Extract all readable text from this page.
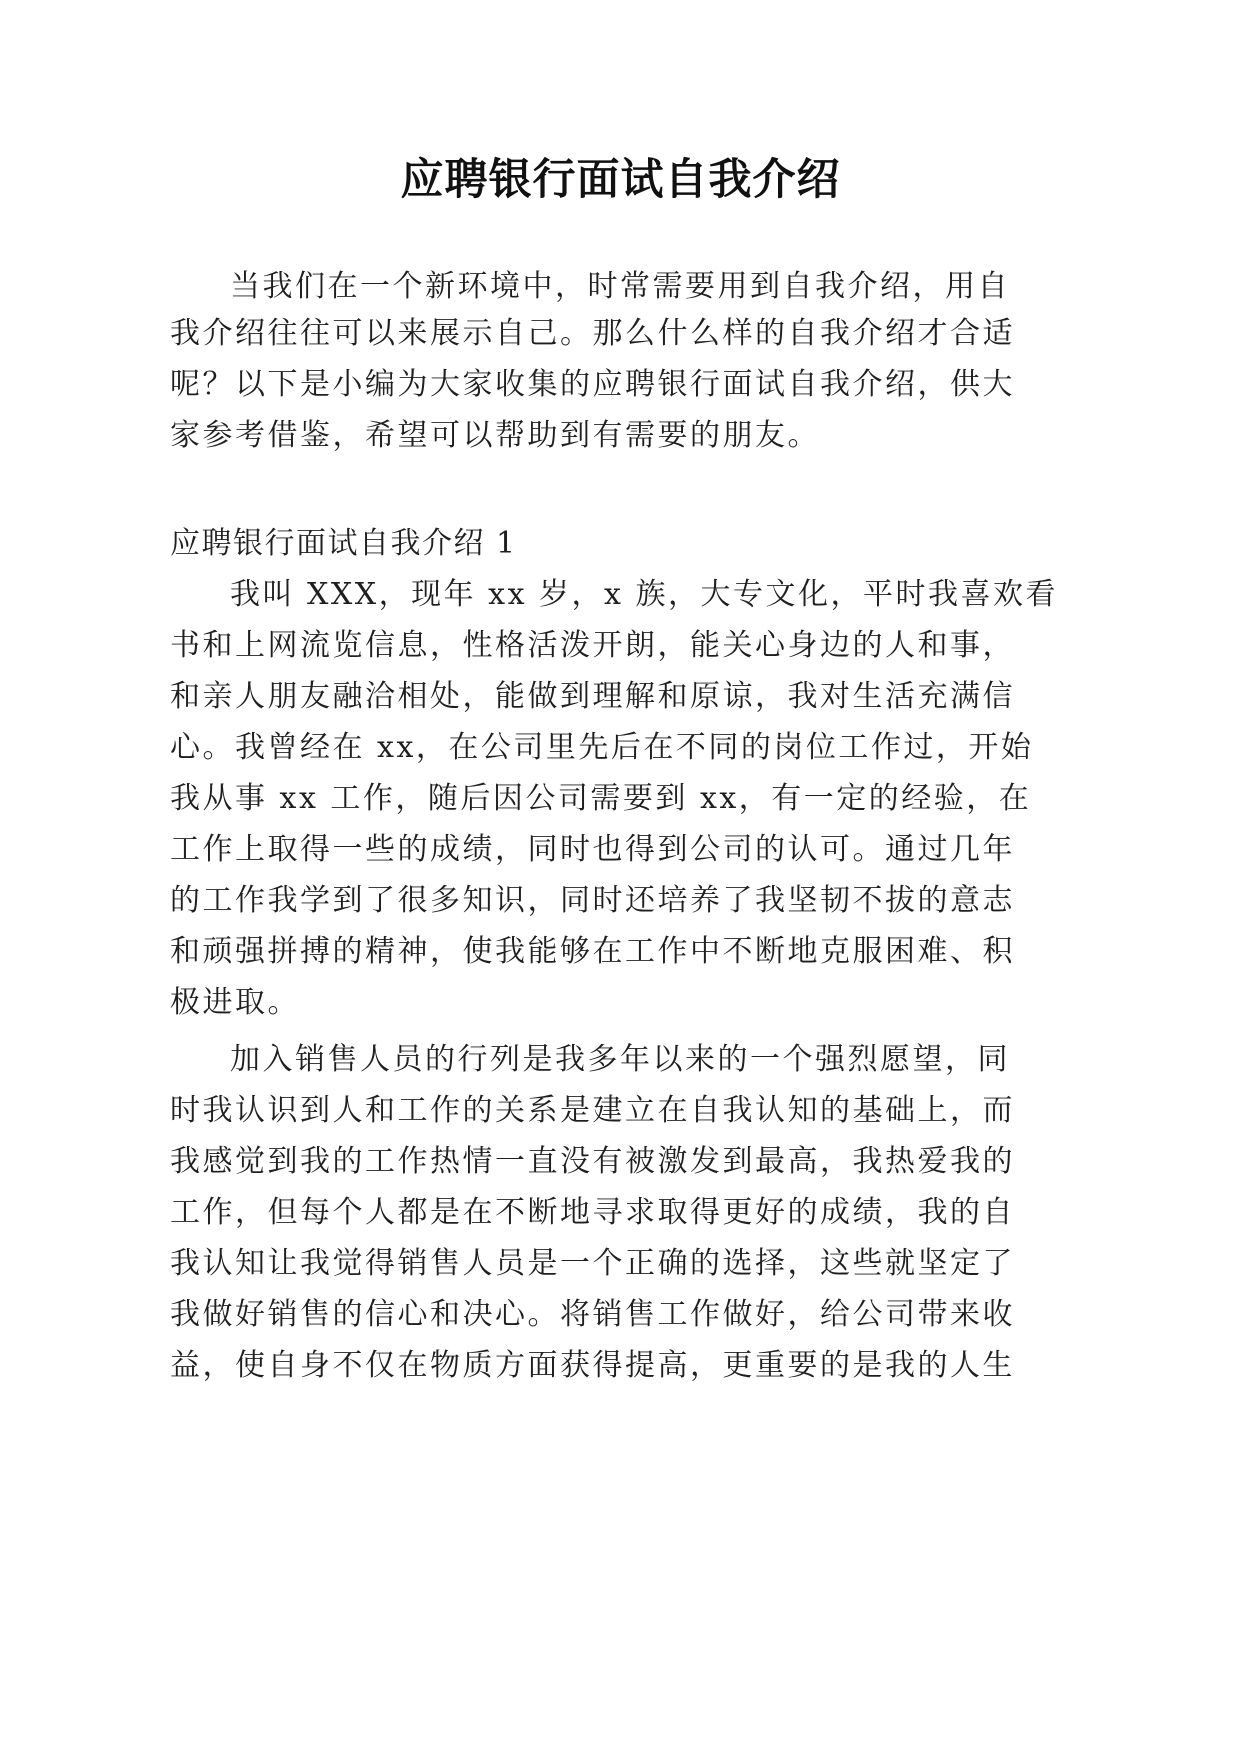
应聘银行面试自我介绍
当我们在一个新环境中，时常需要用到自我介绍，用自
我介绍往往可以来展示自己。那么什么样的自我介绍才合适
呢？以下是小编为大家收集的应聘银行面试自我介绍，供大
家参考借鉴，希望可以帮助到有需要的朋友。
应聘银行面试自我介绍 1
我叫 XXX，现年 xx 岁，x 族，大专文化，平时我喜欢看
书和上网流览信息，性格活泼开朗，能关心身边的人和事，
和亲人朋友融洽相处，能做到理解和原谅，我对生活充满信
心。我曾经在 xx，在公司里先后在不同的岗位工作过，开始
我从事 xx 工作，随后因公司需要到 xx，有一定的经验，在
工作上取得一些的成绩，同时也得到公司的认可。通过几年
的工作我学到了很多知识，同时还培养了我坚韧不拔的意志
和顽强拼搏的精神，使我能够在工作中不断地克服困难、积
极进取。
加入销售人员的行列是我多年以来的一个强烈愿望，同
时我认识到人和工作的关系是建立在自我认知的基础上，而
我感觉到我的工作热情一直没有被激发到最高，我热爱我的
工作，但每个人都是在不断地寻求取得更好的成绩，我的自
我认知让我觉得销售人员是一个正确的选择，这些就坚定了
我做好销售的信心和决心。将销售工作做好，给公司带来收
益，使自身不仅在物质方面获得提高，更重要的是我的人生
